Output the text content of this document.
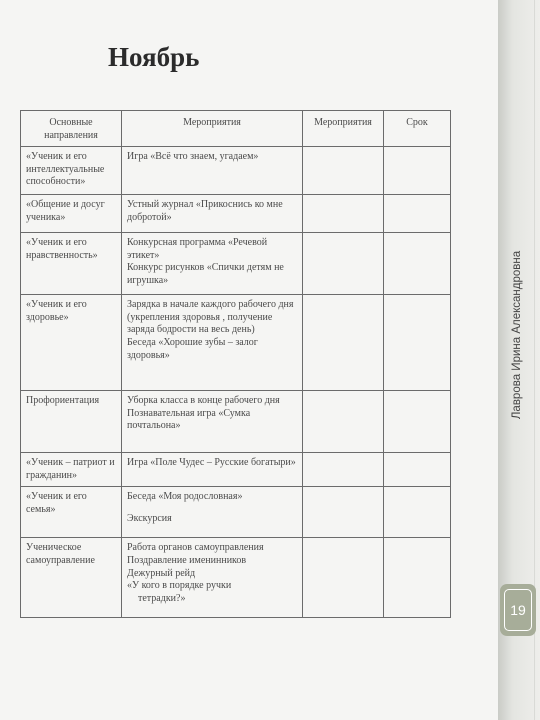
Лаврова Ирина Александровна
19
Ноябрь
Основные направления	Мероприятия	Мероприятия	Срок
«Ученик и его интеллектуальные способности»	Игра «Всё что знаем, угадаем»		

«Общение и досуг ученика»	Устный журнал «Прикоснись ко мне добротой»		

«Ученик и его нравственность»	Конкурсная программа «Речевой этикет»
Конкурс рисунков «Спички детям не игрушка»		

«Ученик и его здоровье»	Зарядка в начале каждого рабочего дня (укрепления здоровья , получение заряда бодрости на весь день)
Беседа «Хорошие зубы – залог здоровья»		

Профориентация	Уборка класса в конце рабочего дня
Познавательная игра «Сумка почтальона»		

«Ученик – патриот и гражданин»	Игра «Поле Чудес – Русские богатыри»		

«Ученик и его семья»	Беседа «Моя родословная»
Экскурсия		

Ученическое самоуправление	Работа органов самоуправления
Поздравление именинников
Дежурный рейд
«У кого в порядке ручки
тетрадки?»		
